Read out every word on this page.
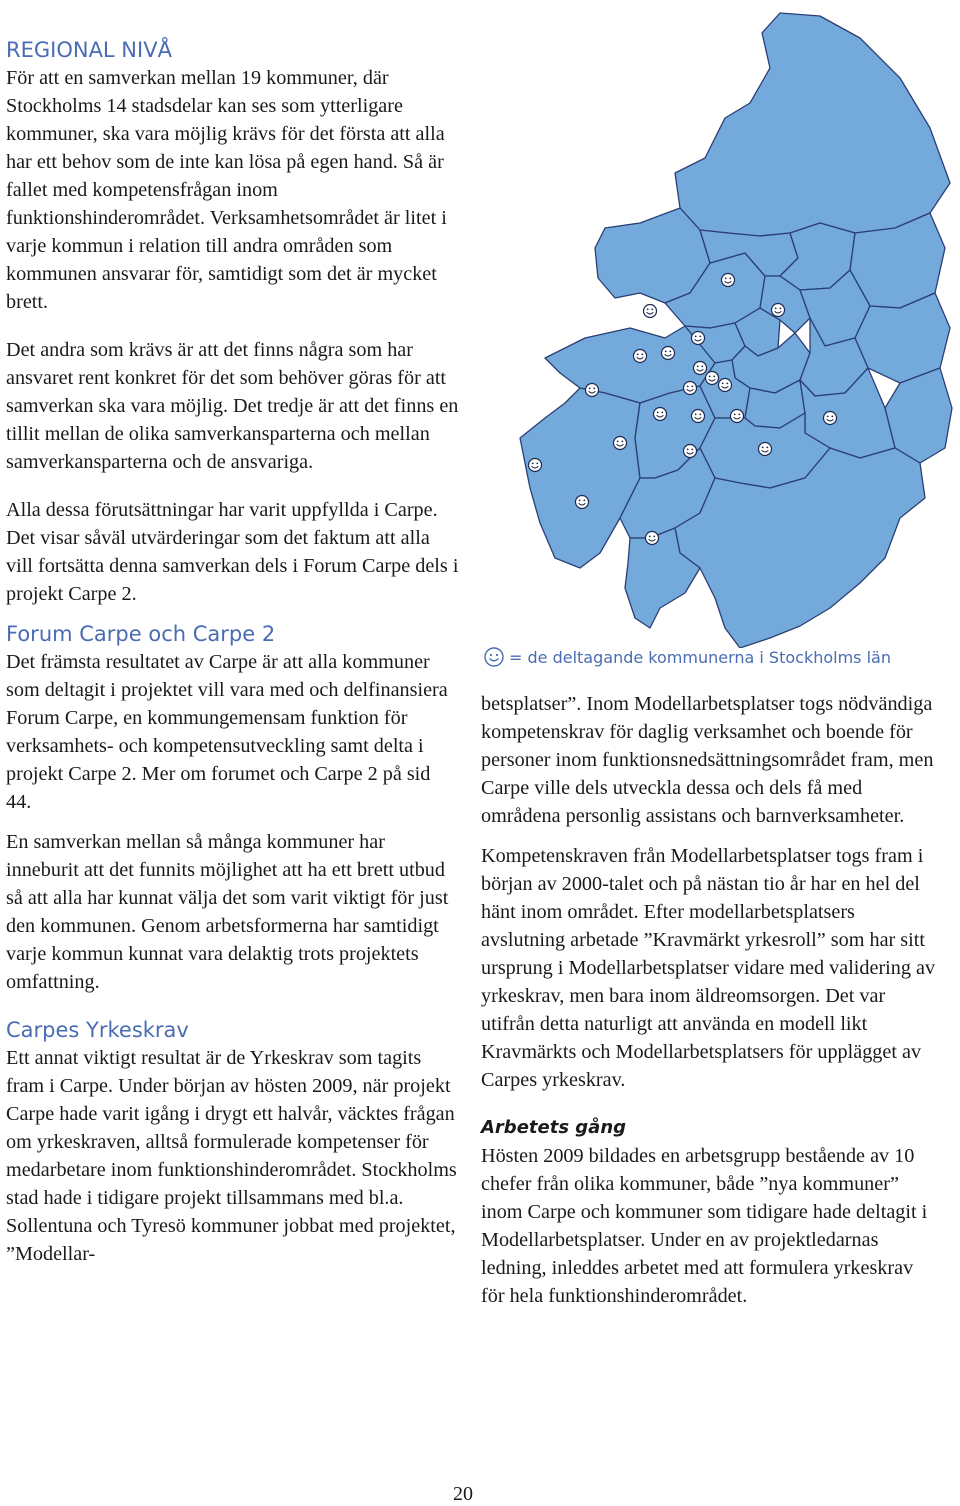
REGIONAL NIVÅ

För att en samverkan mellan 19 kommuner, där Stockholms 14 stadsdelar kan ses som ytterligare kommuner, ska vara möjlig krävs för det första att alla har ett behov som de inte kan lösa på egen hand. Så är fallet med kompetensfrågan inom funktionshinderområdet. Verksamhetsområdet är litet i varje kommun i relation till andra områden som kommunen ansvarar för, samtidigt som det är mycket brett.

Det andra som krävs är att det finns några som har ansvaret rent konkret för det som behöver göras för att samverkan ska vara möjlig. Det tredje är att det finns en tillit mellan de olika samverkansparterna och mellan samverkansparterna och de ansvariga.

Alla dessa förutsättningar har varit uppfyllda i Carpe. Det visar såväl utvärderingar som det faktum att alla vill fortsätta denna samverkan dels i Forum Carpe dels i projekt Carpe 2.

Forum Carpe och Carpe 2

Det främsta resultatet av Carpe är att alla kommuner som deltagit i projektet vill vara med och delfinansiera Forum Carpe, en kommungemensam funktion för verksamhets- och kompetensutveckling samt delta i projekt Carpe 2. Mer om forumet och Carpe 2 på sid 44.

En samverkan mellan så många kommuner har inneburit att det funnits möjlighet att ha ett brett utbud så att alla har kunnat välja det som varit viktigt för just den kommunen. Genom arbetsformerna har samtidigt varje kommun kunnat vara delaktig trots projektets omfattning.

Carpes Yrkeskrav

Ett annat viktigt resultat är de Yrkeskrav som tagits fram i Carpe. Under början av hösten 2009, när projekt Carpe hade varit igång i drygt ett halvår, väcktes frågan om yrkeskraven, alltså formulerade kompetenser för medarbetare inom funktionshinderområdet. Stockholms stad hade i tidigare projekt tillsammans med bl.a. Sollentuna och Tyresö kommuner jobbat med projektet, ”Modellar-

= de deltagande kommunerna i Stockholms län

betsplatser”. Inom Modellarbetsplatser togs nödvändiga kompetenskrav för daglig verksamhet och boende för personer inom funktionsnedsättningsområdet fram, men Carpe ville dels utveckla dessa och dels få med områdena personlig assistans och barnverksamheter.

Kompetenskraven från Modellarbetsplatser togs fram i början av 2000-talet och på nästan tio år har en hel del hänt inom området. Efter modellarbetsplatsers avslutning arbetade ”Kravmärkt yrkesroll” som har sitt ursprung i Modellarbetsplatser vidare med validering av yrkeskrav, men bara inom äldreomsorgen. Det var utifrån detta naturligt att använda en modell likt Kravmärkts och Modellarbetsplatsers för upplägget av Carpes yrkeskrav.

Arbetets gång

Hösten 2009 bildades en arbetsgrupp bestående av 10 chefer från olika kommuner, både ”nya kommuner” inom Carpe och kommuner som tidigare hade deltagit i Modellarbetsplatser. Under en av projektledarnas ledning, inleddes arbetet med att formulera yrkeskrav för hela funktionshinderområdet.

20
